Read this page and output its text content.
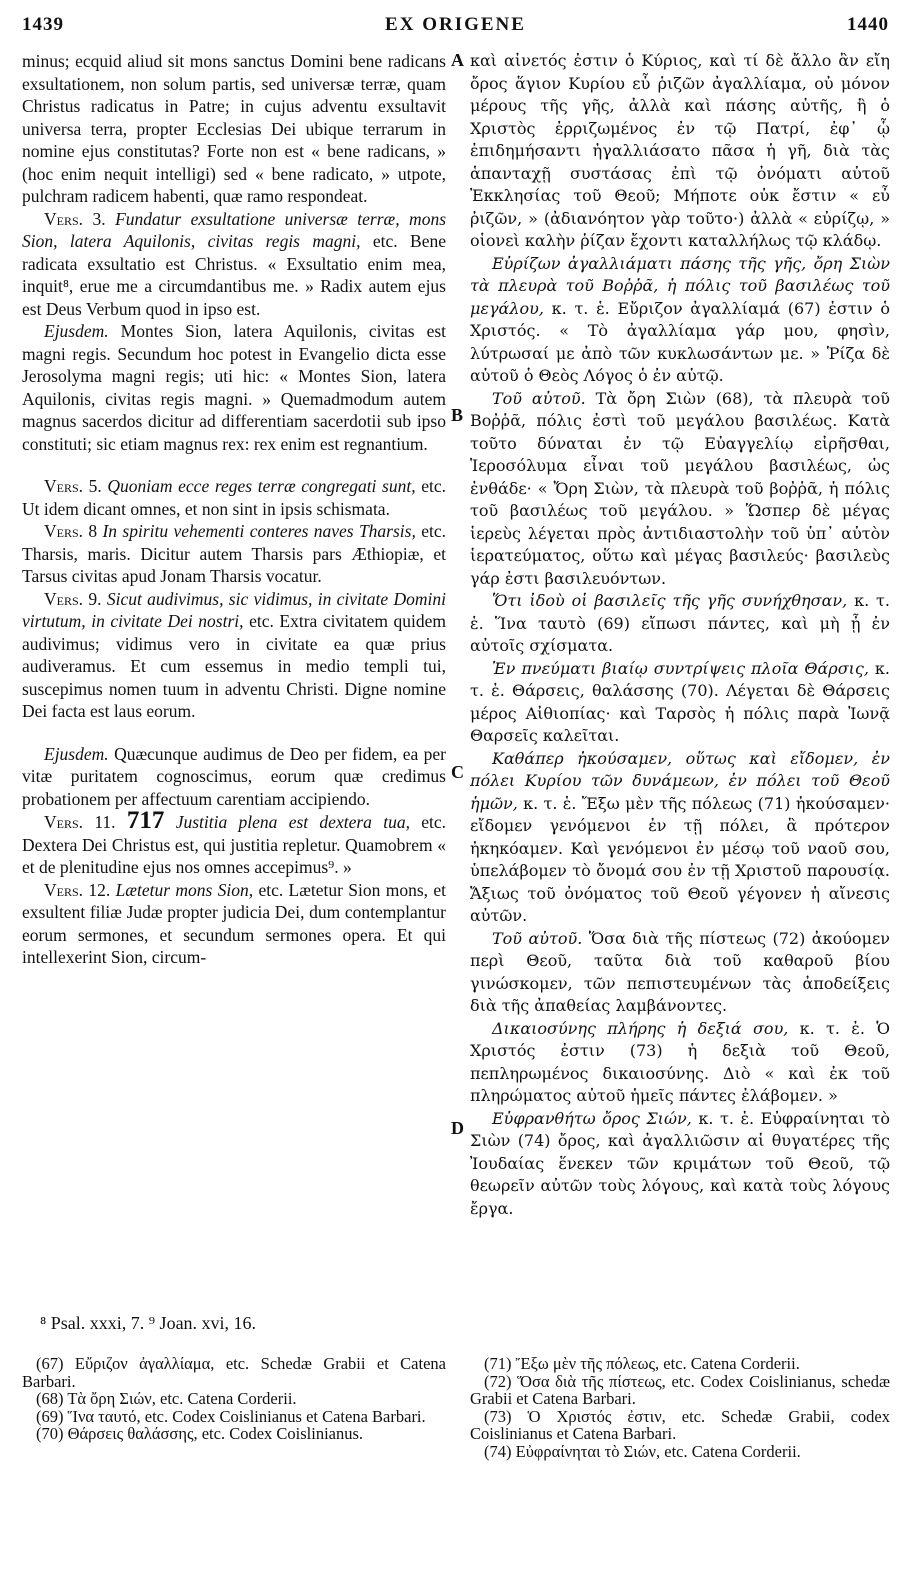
1439	EX ORIGENE	1440
A
B
C
D

minus; ecquid aliud sit mons sanctus Domini bene radicans exsultationem, non solum partis, sed universæ terræ, quam Christus radicatus in Patre; in cujus adventu exsultavit universa terra, propter Ecclesias Dei ubique terrarum in nomine ejus constitutas? Forte non est « bene radicans, » (hoc enim nequit intelligi) sed « bene radicato, » utpote, pulchram radicem habenti, quæ ramo respondeat.

Vers. 3. Fundatur exsultatione universæ terræ, mons Sion, latera Aquilonis, civitas regis magni, etc. Bene radicata exsultatio est Christus. « Exsultatio enim mea, inquit⁸, erue me a circumdantibus me. » Radix autem ejus est Deus Verbum quod in ipso est.

Ejusdem. Montes Sion, latera Aquilonis, civitas est magni regis. Secundum hoc potest in Evangelio dicta esse Jerosolyma magni regis; uti hic: « Montes Sion, latera Aquilonis, civitas regis magni. » Quemadmodum autem magnus sacerdos dicitur ad differentiam sacerdotii sub ipso constituti; sic etiam magnus rex: rex enim est regnantium.

Vers. 5. Quoniam ecce reges terræ congregati sunt, etc. Ut idem dicant omnes, et non sint in ipsis schismata.

Vers. 8 In spiritu vehementi conteres naves Tharsis, etc. Tharsis, maris. Dicitur autem Tharsis pars Æthiopiæ, et Tarsus civitas apud Jonam Tharsis vocatur.

Vers. 9. Sicut audivimus, sic vidimus, in civitate Domini virtutum, in civitate Dei nostri, etc. Extra civitatem quidem audivimus; vidimus vero in civitate ea quæ prius audiveramus. Et cum essemus in medio templi tui, suscepimus nomen tuum in adventu Christi. Digne nomine Dei facta est laus eorum.

Ejusdem. Quæcunque audimus de Deo per fidem, ea per vitæ puritatem cognoscimus, eorum quæ credimus probationem per affectuum carentiam accipiendo.

Vers. 11. 717 Justitia plena est dextera tua, etc. Dextera Dei Christus est, qui justitia repletur. Quamobrem « et de plenitudine ejus nos omnes accepimus⁹. »

Vers. 12. Lætetur mons Sion, etc. Lætetur Sion mons, et exsultent filiæ Judæ propter judicia Dei, dum contemplantur eorum sermones, et secundum sermones opera. Et qui intellexerint Sion, circum-

καὶ αἰνετός ἐστιν ὁ Κύριος, καὶ τί δὲ ἄλλο ἂν εἴη ὄρος ἅγιον Κυρίου εὖ ῥιζῶν ἀγαλλίαμα, οὐ μόνον μέρους τῆς γῆς, ἀλλὰ καὶ πάσης αὐτῆς, ἢ ὁ Χριστὸς ἐρριζωμένος ἐν τῷ Πατρί, ἐφ᾽ ᾧ ἐπιδημήσαντι ἠγαλλιάσατο πᾶσα ἡ γῆ, διὰ τὰς ἁπανταχῇ συστάσας ἐπὶ τῷ ὀνόματι αὐτοῦ Ἐκκλησίας τοῦ Θεοῦ; Μήποτε οὐκ ἔστιν « εὖ ῥιζῶν, » (ἀδιανόητον γὰρ τοῦτο·) ἀλλὰ « εὐρίζῳ, » οἱονεὶ καλὴν ῥίζαν ἔχοντι καταλλήλως τῷ κλάδῳ.

Εὐρίζων ἀγαλλιάματι πάσης τῆς γῆς, ὄρη Σιὼν τὰ πλευρὰ τοῦ Βοῤῥᾶ, ἡ πόλις τοῦ βασιλέως τοῦ μεγάλου, κ. τ. ἑ. Εὔριζον ἀγαλλίαμά (67) ἐστιν ὁ Χριστός. « Τὸ ἀγαλλίαμα γάρ μου, φησὶν, λύτρωσαί με ἀπὸ τῶν κυκλωσάντων με. » Ῥίζα δὲ αὐτοῦ ὁ Θεὸς Λόγος ὁ ἐν αὐτῷ.

Τοῦ αὐτοῦ. Τὰ ὄρη Σιὼν (68), τὰ πλευρὰ τοῦ Βοῤῥᾶ, πόλις ἐστὶ τοῦ μεγάλου βασιλέως. Κατὰ τοῦτο δύναται ἐν τῷ Εὐαγγελίῳ εἰρῆσθαι, Ἱεροσόλυμα εἶναι τοῦ μεγάλου βασιλέως, ὡς ἐνθάδε· « Ὄρη Σιὼν, τὰ πλευρὰ τοῦ βοῤῥᾶ, ἡ πόλις τοῦ βασιλέως τοῦ μεγάλου. » Ὥσπερ δὲ μέγας ἱερεὺς λέγεται πρὸς ἀντιδιαστολὴν τοῦ ὑπ᾽ αὐτὸν ἱερατεύματος, οὕτω καὶ μέγας βασιλεύς· βασιλεὺς γάρ ἐστι βασιλευόντων.

Ὅτι ἰδοὺ οἱ βασιλεῖς τῆς γῆς συνήχθησαν, κ. τ. ἑ. Ἵνα ταυτὸ (69) εἴπωσι πάντες, καὶ μὴ ᾖ ἐν αὐτοῖς σχίσματα.

Ἐν πνεύματι βιαίῳ συντρίψεις πλοῖα Θάρσις, κ. τ. ἑ. Θάρσεις, θαλάσσης (70). Λέγεται δὲ Θάρσεις μέρος Αἰθιοπίας· καὶ Ταρσὸς ἡ πόλις παρὰ Ἰωνᾷ Θαρσεῖς καλεῖται.

Καθάπερ ἠκούσαμεν, οὕτως καὶ εἴδομεν, ἐν πόλει Κυρίου τῶν δυνάμεων, ἐν πόλει τοῦ Θεοῦ ἡμῶν, κ. τ. ἑ. Ἔξω μὲν τῆς πόλεως (71) ἠκούσαμεν· εἴδομεν γενόμενοι ἐν τῇ πόλει, ἃ πρότερον ἠκηκόαμεν. Καὶ γενόμενοι ἐν μέσῳ τοῦ ναοῦ σου, ὑπελάβομεν τὸ ὄνομά σου ἐν τῇ Χριστοῦ παρουσίᾳ. Ἄξιως τοῦ ὀνόματος τοῦ Θεοῦ γέγονεν ἡ αἴνεσις αὐτῶν.

Τοῦ αὐτοῦ. Ὅσα διὰ τῆς πίστεως (72) ἀκούομεν περὶ Θεοῦ, ταῦτα διὰ τοῦ καθαροῦ βίου γινώσκομεν, τῶν πεπιστευμένων τὰς ἀποδείξεις διὰ τῆς ἀπαθείας λαμβάνοντες.

Δικαιοσύνης πλήρης ἡ δεξιά σου, κ. τ. ἑ. Ὁ Χριστός ἐστιν (73) ἡ δεξιὰ τοῦ Θεοῦ, πεπληρωμένος δικαιοσύνης. Διὸ « καὶ ἐκ τοῦ πληρώματος αὐτοῦ ἡμεῖς πάντες ἐλάβομεν. »

Εὐφρανθήτω ὄρος Σιών, κ. τ. ἑ. Εὐφραίνηται τὸ Σιὼν (74) ὄρος, καὶ ἀγαλλιῶσιν αἱ θυγατέρες τῆς Ἰουδαίας ἕνεκεν τῶν κριμάτων τοῦ Θεοῦ, τῷ θεωρεῖν αὐτῶν τοὺς λόγους, καὶ κατὰ τοὺς λόγους ἔργα.

⁸ Psal. xxxi, 7. ⁹ Joan. xvi, 16.

(67) Εὔριζον ἀγαλλίαμα, etc. Schedæ Grabii et Catena Barbari.

(68) Τὰ ὄρη Σιών, etc. Catena Corderii.

(69) Ἵνα ταυτό, etc. Codex Coislinianus et Catena Barbari.

(70) Θάρσεις θαλάσσης, etc. Codex Coislinianus.

(71) Ἔξω μὲν τῆς πόλεως, etc. Catena Corderii.

(72) Ὅσα διὰ τῆς πίστεως, etc. Codex Coislinianus, schedæ Grabii et Catena Barbari.

(73) Ὁ Χριστός ἐστιν, etc. Schedæ Grabii, codex Coislinianus et Catena Barbari.

(74) Εὐφραίνηται τὸ Σιών, etc. Catena Corderii.
